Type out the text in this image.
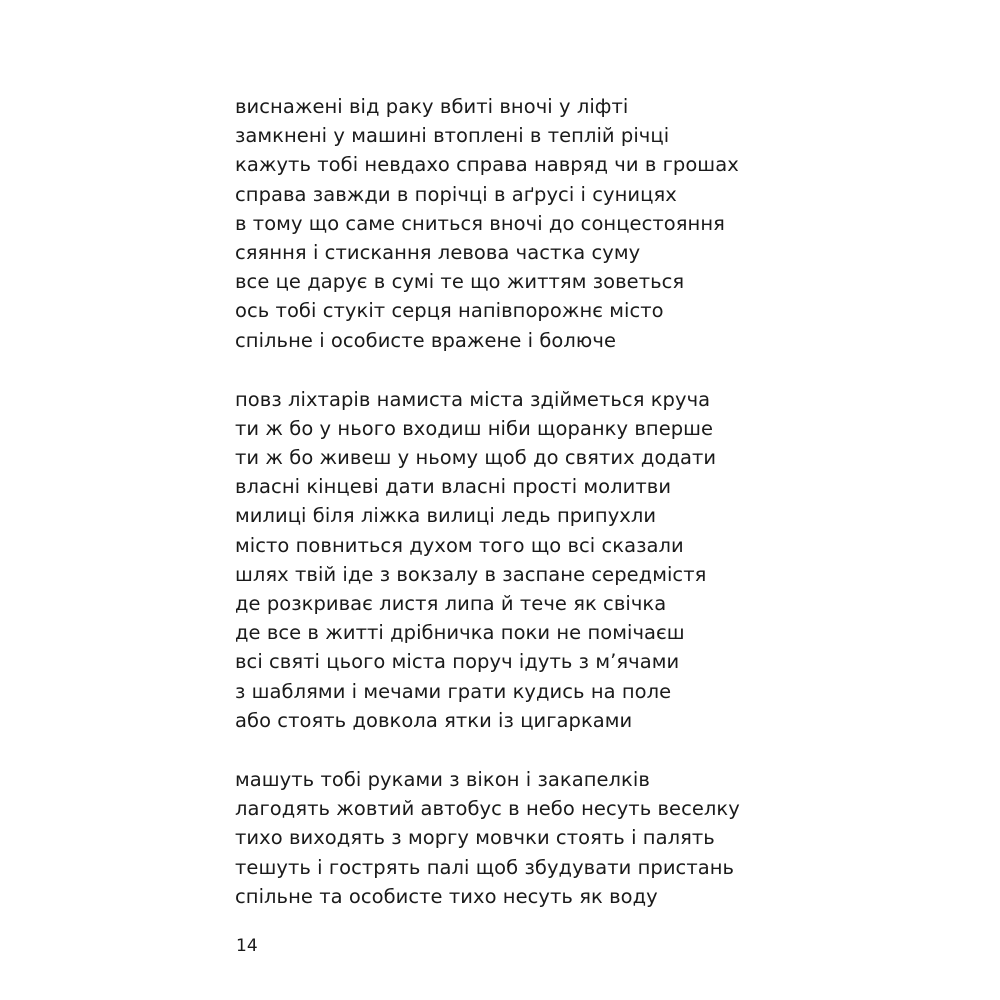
виснажені від раку вбиті вночі у ліфті
замкнені у машині втоплені в теплій річці
кажуть тобі невдахо справа навряд чи в грошах
справа завжди в порічці в аґрусі і суницях
в тому що саме сниться вночі до сонцестояння
сяяння і стискання левова частка суму
все це дарує в сумі те що життям зоветься
ось тобі стукіт серця напівпорожнє місто
спільне і особисте вражене і болюче
повз ліхтарів намиста міста здійметься круча
ти ж бо у нього входиш ніби щоранку вперше
ти ж бо живеш у ньому щоб до святих додати
власні кінцеві дати власні прості молитви
милиці біля ліжка вилиці ледь припухли
місто повниться духом того що всі сказали
шлях твій іде з вокзалу в заспане середмістя
де розкриває листя липа й тече як свічка
де все в житті дрібничка поки не помічаєш
всі святі цього міста поруч ідуть з м’ячами
з шаблями і мечами грати кудись на поле
або стоять довкола ятки із цигарками
машуть тобі руками з вікон і закапелків
лагодять жовтий автобус в небо несуть веселку
тихо виходять з моргу мовчки стоять і палять
тешуть і гострять палі щоб збудувати пристань
спільне та особисте тихо несуть як воду
14
